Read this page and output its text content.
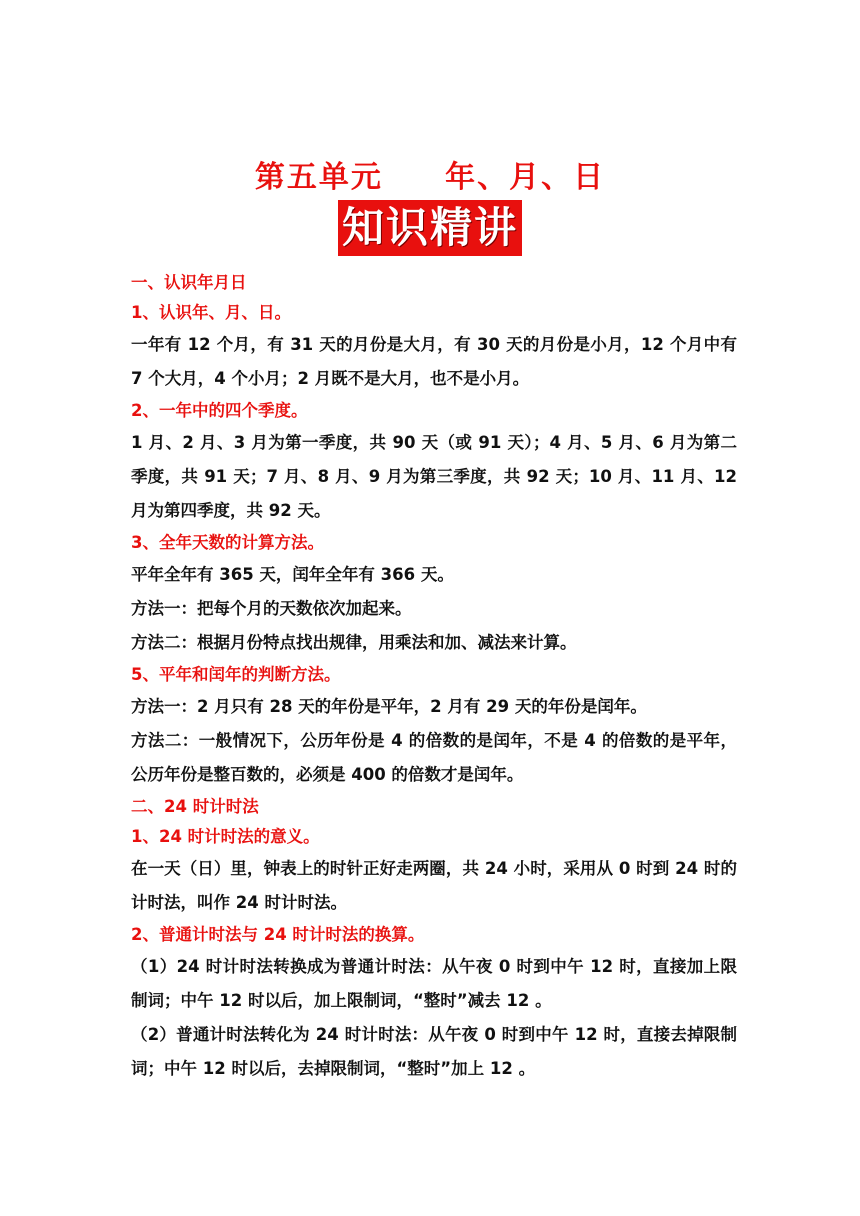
第五单元     年、月、日
知识精讲

一、认识年月日

1、认识年、月、日。

一年有 12 个月，有 31 天的月份是大月，有 30 天的月份是小月，12 个月中有 7 个大月，4 个小月；2 月既不是大月，也不是小月。

2、一年中的四个季度。

1 月、2 月、3 月为第一季度，共 90 天（或 91 天）；4 月、5 月、6 月为第二季度，共 91 天；7 月、8 月、9 月为第三季度，共 92 天；10 月、11 月、12 月为第四季度，共 92 天。

3、全年天数的计算方法。

平年全年有 365 天，闰年全年有 366 天。

方法一：把每个月的天数依次加起来。

方法二：根据月份特点找出规律，用乘法和加、减法来计算。

5、平年和闰年的判断方法。

方法一：2 月只有 28 天的年份是平年，2 月有 29 天的年份是闰年。

方法二：一般情况下，公历年份是 4 的倍数的是闰年，不是 4 的倍数的是平年，公历年份是整百数的，必须是 400 的倍数才是闰年。

二、24 时计时法

1、24 时计时法的意义。

在一天（日）里，钟表上的时针正好走两圈，共 24 小时，采用从 0 时到 24 时的计时法，叫作 24 时计时法。

2、普通计时法与 24 时计时法的换算。

（1）24 时计时法转换成为普通计时法：从午夜 0 时到中午 12 时，直接加上限制词；中午 12 时以后，加上限制词，“整时”减去 12 。

（2）普通计时法转化为 24 时计时法：从午夜 0 时到中午 12 时，直接去掉限制词；中午 12 时以后，去掉限制词，“整时”加上 12 。
